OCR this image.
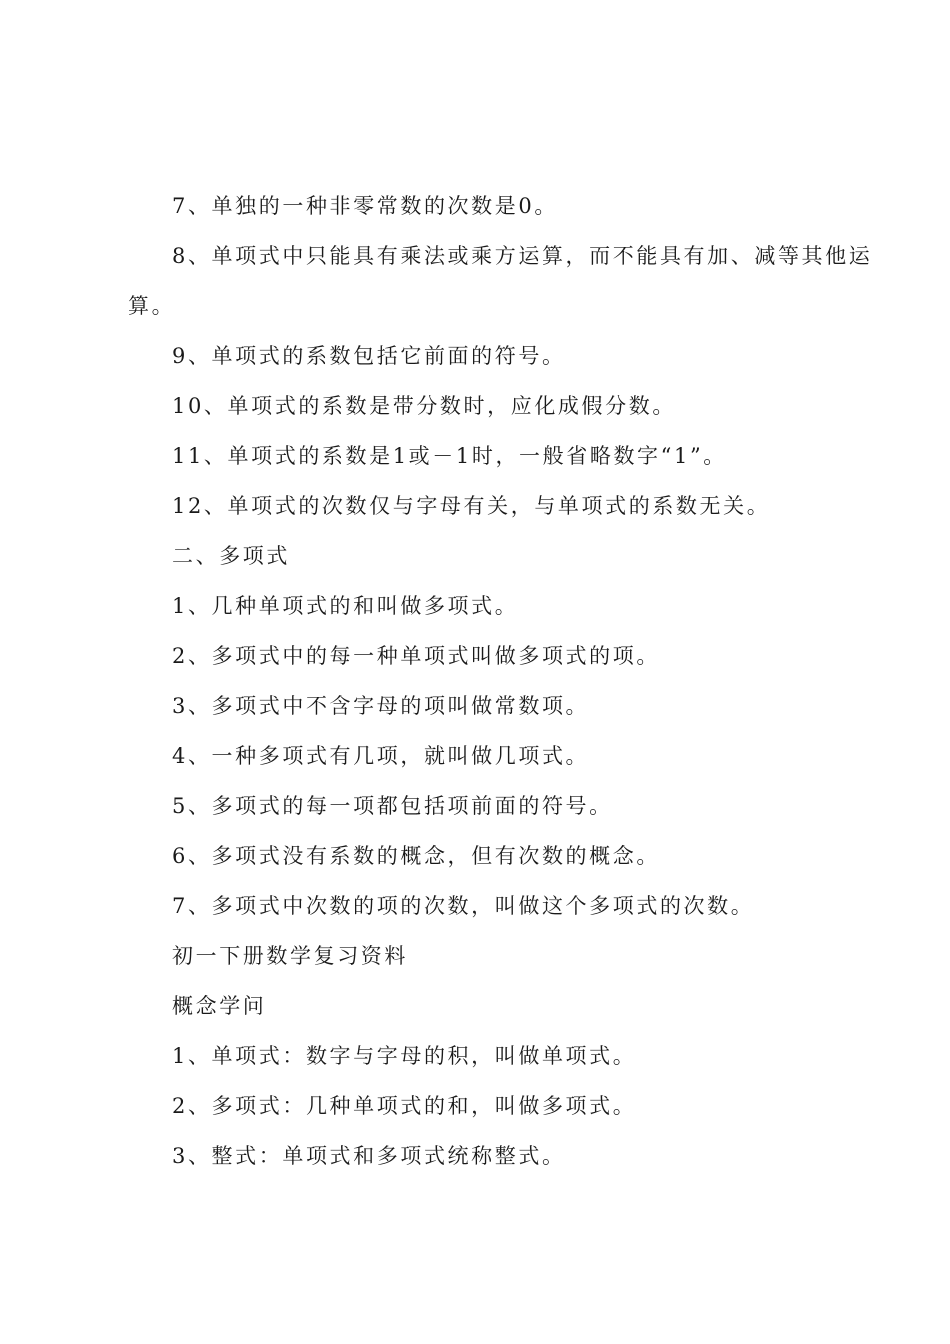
7、单独的一种非零常数的次数是0。
8、单项式中只能具有乘法或乘方运算，而不能具有加、减等其他运
算。
9、单项式的系数包括它前面的符号。
10、单项式的系数是带分数时，应化成假分数。
11、单项式的系数是1或－1时，一般省略数字“1”。
12、单项式的次数仅与字母有关，与单项式的系数无关。
二、多项式
1、几种单项式的和叫做多项式。
2、多项式中的每一种单项式叫做多项式的项。
3、多项式中不含字母的项叫做常数项。
4、一种多项式有几项，就叫做几项式。
5、多项式的每一项都包括项前面的符号。
6、多项式没有系数的概念，但有次数的概念。
7、多项式中次数的项的次数，叫做这个多项式的次数。
初一下册数学复习资料
概念学问
1、单项式：数字与字母的积，叫做单项式。
2、多项式：几种单项式的和，叫做多项式。
3、整式：单项式和多项式统称整式。
